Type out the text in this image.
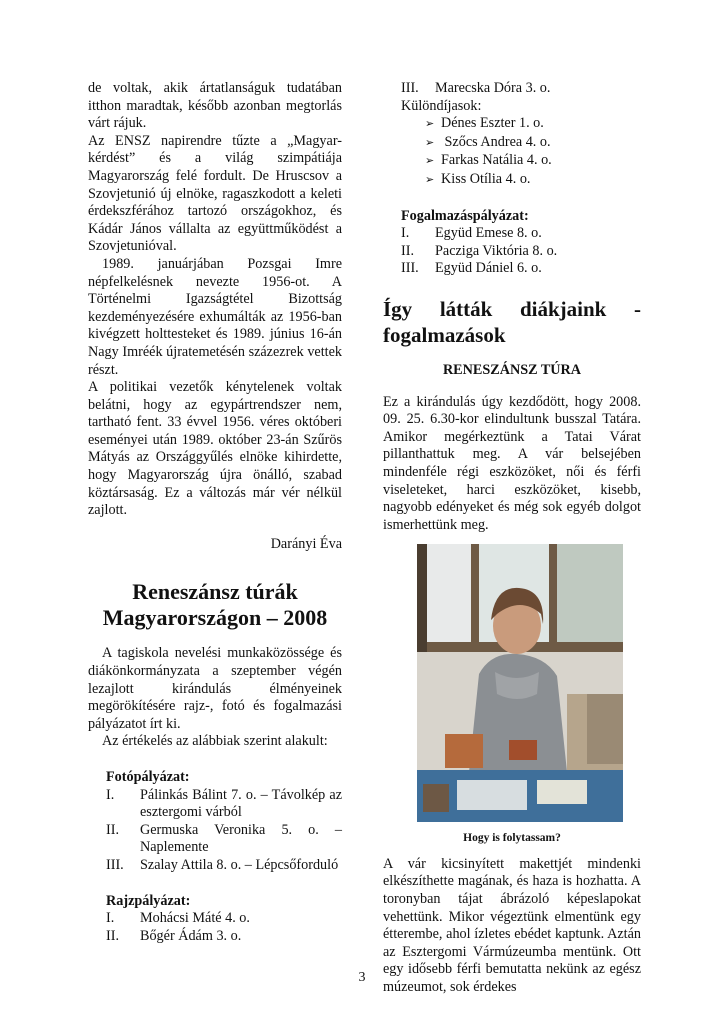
de voltak, akik ártatlanságuk tudatában itthon maradtak, később azonban megtorlás várt rájuk.

Az ENSZ napirendre tűzte a „Magyar-kérdést” és a világ szimpátiája Magyarország felé fordult. De Hruscsov a Szovjetunió új elnöke, ragaszkodott a keleti érdekszférához tartozó országokhoz, és Kádár János vállalta az együttműködést a Szovjetunióval.

1989. januárjában Pozsgai Imre népfelkelésnek nevezte 1956-ot. A Történelmi Igazságtétel Bizottság kezdeményezésére exhumálták az 1956-ban kivégzett holttesteket és 1989. június 16-án Nagy Imréék újratemetésén százezrek vettek részt.

A politikai vezetők kénytelenek voltak belátni, hogy az egypártrendszer nem, tartható fent. 33 évvel 1956. véres októberi eseményei után 1989. október 23-án Szűrös Mátyás az Országgyűlés elnöke kihirdette, hogy Magyarország újra önálló, szabad köztársaság. Ez a változás már vér nélkül zajlott.

Darányi Éva

Reneszánsz túrák
Magyarországon – 2008

A tagiskola nevelési munkaközössége és diákönkormányzata a szeptember végén lezajlott kirándulás élményeinek megörökítésére rajz-, fotó és fogalmazási pályázatot írt ki.

Az értékelés az alábbiak szerint alakult:

Fotópályázat:
I.	Pálinkás Bálint 7. o. – Távolkép az esztergomi várból
II.	Germuska Veronika 5. o. – Naplemente
III.	Szalay Attila 8. o. – Lépcsőforduló
Rajzpályázat:
I.	Mohácsi Máté 4. o.
II.	Bőgér Ádám 3. o.
III.	Marecska Dóra 3. o.
Különdíjasok:
➢ Dénes Eszter 1. o.
➢ Szőcs Andrea 4. o.
➢ Farkas Natália 4. o.
➢ Kiss Otília 4. o.
Fogalmazáspályázat:
I.	Együd Emese 8. o.
II.	Pacziga Viktória 8. o.
III.	Együd Dániel 6. o.
Így látták diákjaink -
fogalmazások
RENESZÁNSZ TÚRA

Ez a kirándulás úgy kezdődött, hogy 2008. 09. 25. 6.30-kor elindultunk busszal Tatára. Amikor megérkeztünk a Tatai Várat pillanthattuk meg. A vár belsejében mindenféle régi eszközöket, női és férfi viseleteket, harci eszközöket, kisebb, nagyobb edényeket és még sok egyéb dolgot ismerhettünk meg.

Hogy is folytassam?

A vár kicsinyített makettjét mindenki elkészíthette magának, és haza is hozhatta. A toronyban tájat ábrázoló képeslapokat vehettünk. Mikor végeztünk elmentünk egy étterembe, ahol ízletes ebédet kaptunk. Aztán az Esztergomi Vármúzeumba mentünk. Ott egy idősebb férfi bemutatta nekünk az egész múzeumot, sok érdekes

3
